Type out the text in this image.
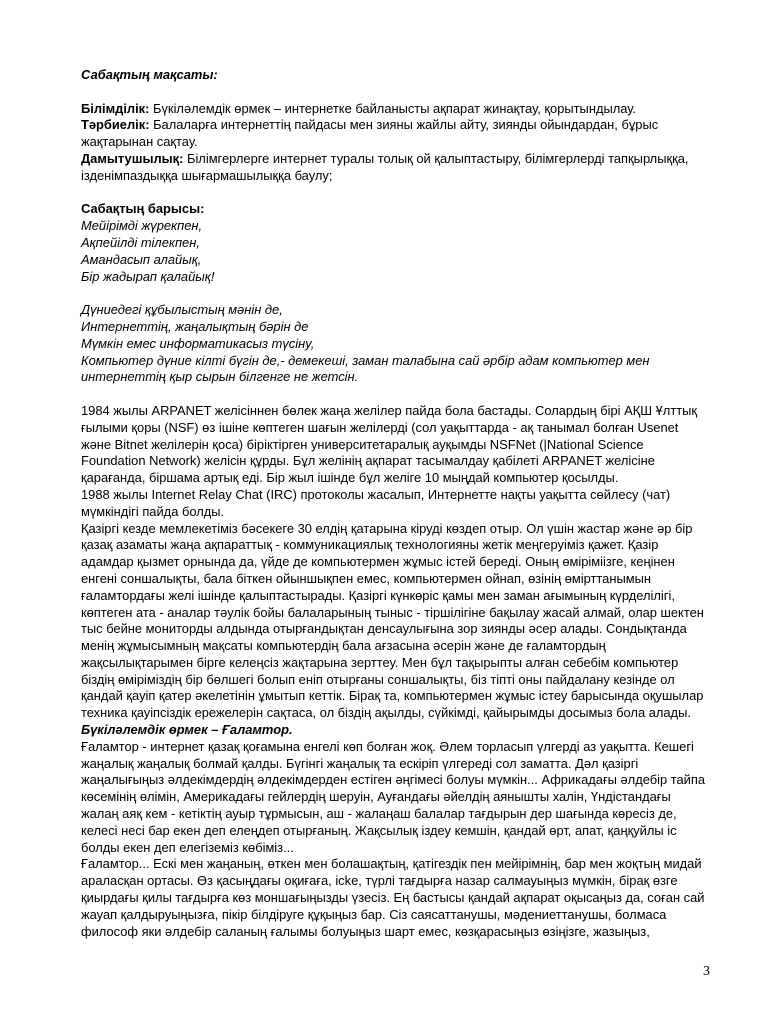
Сабақтың мақсаты:

Білімділік: Бүкіләлемдік өрмек – интернетке байланысты ақпарат жинақтау, қорытындылау.

Тәрбиелік: Балаларға интернеттің пайдасы мен зияны жайлы айту, зиянды ойындардан, бұрыс жақтарынан сақтау.

Дамытушылық: Білімгерлерге интернет туралы толық ой қалыптастыру, білімгерлерді тапқырлыққа, ізденімпаздыққа шығармашылыққа баулу;

Сабақтың барысы:

Мейірімді жүрекпен,

Ақпейілді тілекпен,

Амандасып алайық,

Бір жадырап қалайық!

Дүниедегі құбылыстың мәнін де,

Интернеттің, жаңалықтың бәрін де

Мүмкін емес информатикасыз түсіну,

Компьютер дүние кілті бүгін де,- демекеші, заман талабына сай әрбір адам компьютер мен интернеттің қыр сырын білгенге не жетсін.

1984 жылы ARPANET желісіннен бөлек жаңа желілер пайда бола бастады. Солардың бірі АҚШ Ұлттық ғылыми қоры (NSF) өз ішіне көптеген шағын желілерді (сол уақыттарда - ақ танымал болған Usenet және Bitnet желілерін қоса) біріктірген университетаралық ауқымды NSFNet (|National Science Foundation Network) желісін құрды. Бұл желінің ақпарат тасымалдау қабілеті ARPANET желісіне қарағанда, біршама артық еді. Бір жыл ішінде бұл желіге 10 мыңдай компьютер қосылды.

1988 жылы Internet Relay Chat (IRC) протоколы жасалып, Интернетте нақты уақытта сөйлесу (чат) мүмкіндігі пайда болды.

Қазіргі кезде мемлекетіміз бәсекеге 30 елдің қатарына кіруді көздеп отыр. Ол үшін жастар және әр бір қазақ азаматы жаңа ақпараттық - коммуникациялық технологияны жетік меңгеруіміз қажет. Қазір адамдар қызмет орнында да, үйде де компьютермен жұмыс істей береді. Оның өміріміізге, кеңінен енгені соншалықты, бала біткен ойыншықпен емес, компьютермен ойнап, өзінің өмірттанымын ғаламтордағы желі ішінде қалыптастырады. Қазіргі күнкөріс қамы мен заман ағымының күрделілігі, көптеген ата - аналар тәулік бойы балаларының тыныс - тіршілігіне бақылау жасай алмай, олар шектен тыс бейне мониторды алдында отырғандықтан денсаулығына зор зиянды әсер алады. Сондықтанда менің жұмысымның мақсаты компьютердің бала ағзасына әсерін және де ғаламтордың жақсылықтарымен бірге келеңсіз жақтарына зерттеу. Мен бұл тақырыпты алған себебім компьютер біздің өміріміздің бір бөлшегі болып еніп отырғаны соншалықты, біз тіпті оны пайдалану кезінде ол қандай қауіп қатер әкелетінін ұмытып кеттік. Бірақ та, компьютермен жұмыс істеу барысында оқушылар техника қауіпсіздік ережелерін сақтаса, ол біздің ақылды, сүйкімді, қайырымды досымыз бола алады.

Бүкіләлемдік өрмек – Ғаламтор.

Ғаламтор - интернет қазақ қоғамына енгелі көп болған жоқ. Әлем торласып үлгерді аз уақытта. Кешегі жаңалық жаңалық болмай қалды. Бүгінгі жаңалық та ескіріп үлгереді сол заматта. Дәл қазіргі жаңалығыңыз әлдекімдердің әлдекімдерден естіген әңгімесі болуы мүмкін... Африкадағы әлдебір тайпа көсемінің өлімін, Америкадағы гейлердің шеруін, Ауғандағы әйелдің аянышты халін, Үндістандағы жалаң аяқ кем - кетіктің ауыр тұрмысын, аш - жалаңаш балалар тағдырын дер шағында көресіз де, келесі несі бар екен деп елеңдеп отырғаның. Жақсылық іздеу кемшін, қандай өрт, апат, қаңқуйлы іс болды екен деп елегіземіз көбіміз...

Ғаламтор... Ескі мен жаңаның, өткен мен болашақтың, қатігездік пен мейірімнің, бар мен жоқтың мидай араласқан ортасы. Өз қасыңдағы оқиғаға, ісke, түрлі тағдырға назар салмауыңыз мүмкін, бірақ өзге қиырдағы қилы тағдырға көз моншағыңызды үзесіз. Ең бастысы қандай ақпарат оқысаңыз да, соған сай жауап қалдыруыңызға, пікір білдіруге құқыңыз бар. Сіз саясаттанушы, мәдениеттанушы, болмаса философ яки әлдебір саланың ғалымы болуыңыз шарт емес, көзқарасыңыз өзіңізге, жазыңыз,

3
